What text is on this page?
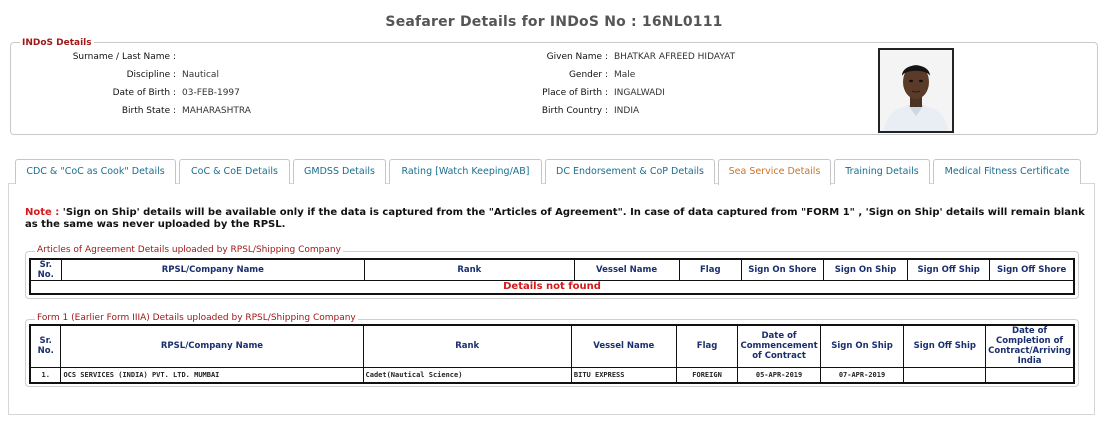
Seafarer Details for INDoS No : 16NL0111
INDoS Details
Surname / Last Name :	Given Name : BHATKAR AFREED HIDAYAT
Discipline : Nautical	Gender : Male
Date of Birth : 03-FEB-1997	Place of Birth : INGALWADI
Birth State : MAHARASHTRA	Birth Country : INDIA
CDC & "CoC as Cook" Details	CoC & CoE Details	GMDSS Details	Rating [Watch Keeping/AB]	DC Endorsement & CoP Details	Sea Service Details	Training Details	Medical Fitness Certificate
Note : 'Sign on Ship' details will be available only if the data is captured from the "Articles of Agreement". In case of data captured from "FORM 1" , 'Sign on Ship' details will remain blank as the same was never uploaded by the RPSL.
Articles of Agreement Details uploaded by RPSL/Shipping Company
Sr. No.	RPSL/Company Name	Rank	Vessel Name	Flag	Sign On Shore	Sign On Ship	Sign Off Ship	Sign Off Shore
Details not found
Form 1 (Earlier Form IIIA) Details uploaded by RPSL/Shipping Company
Sr. No.	RPSL/Company Name	Rank	Vessel Name	Flag	Date of Commencement of Contract	Sign On Ship	Sign Off Ship	Date of Completion of Contract/Arriving India
1.	OCS SERVICES (INDIA) PVT. LTD. MUMBAI	Cadet(Nautical Science)	BITU EXPRESS	FOREIGN	05-APR-2019	07-APR-2019		
